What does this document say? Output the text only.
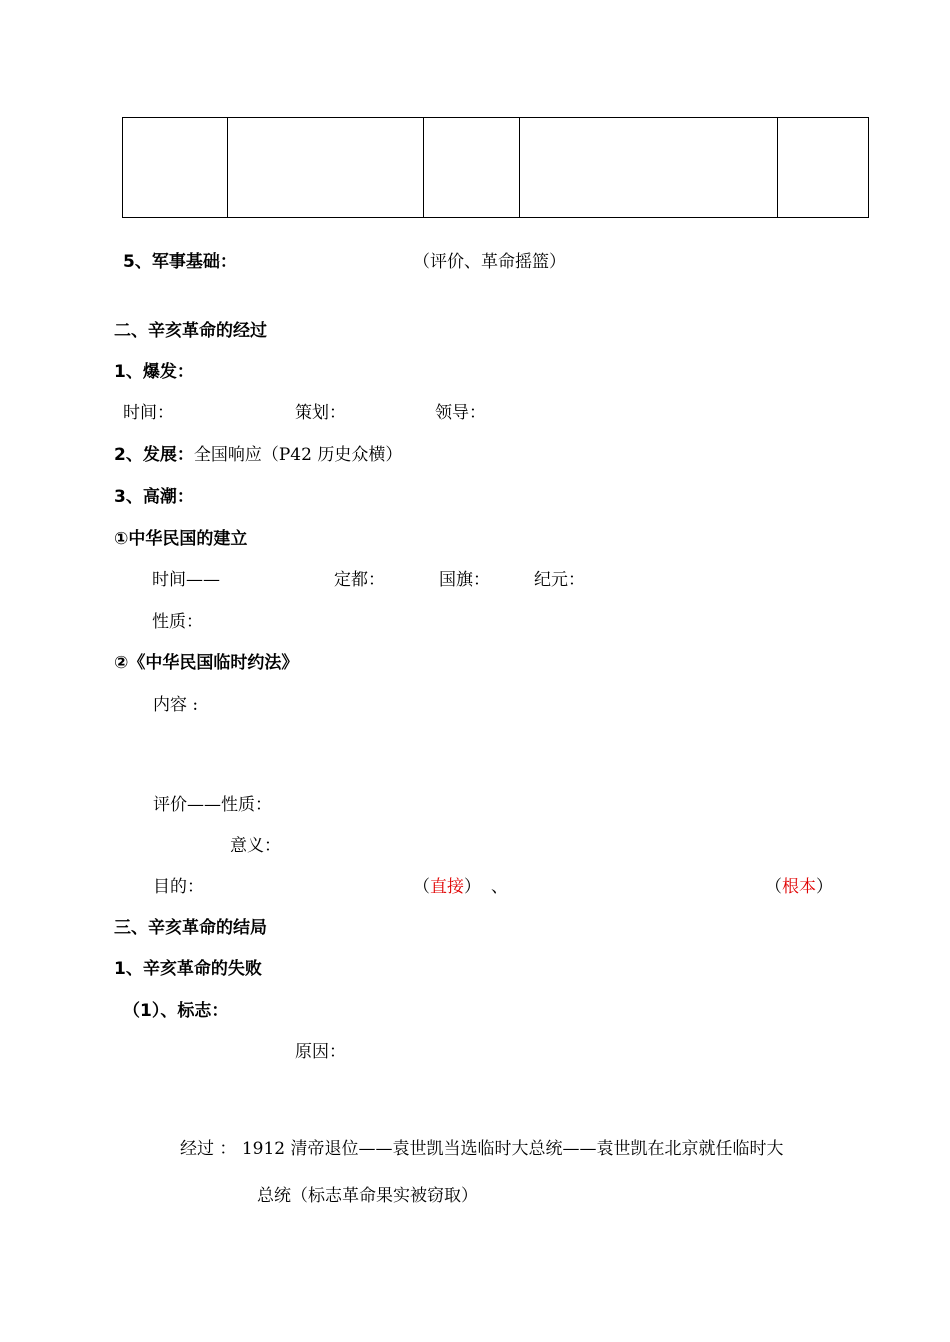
5、军事基础：	（评价、革命摇篮）
二、辛亥革命的经过
1、爆发：
时间：	策划：	领导：
2、发展：全国响应（P42 历史众横）
3、高潮：
①中华民国的建立
时间——	定都：	国旗：	纪元：
性质：
②《中华民国临时约法》
内容 :
评价——性质：
意义：
目的：	（直接） 、	（根本）
三、辛亥革命的结局
1、辛亥革命的失败
（1）、标志：
原因：
经过 ： 1912 清帝退位——袁世凯当选临时大总统——袁世凯在北京就任临时大
总统（标志革命果实被窃取）
